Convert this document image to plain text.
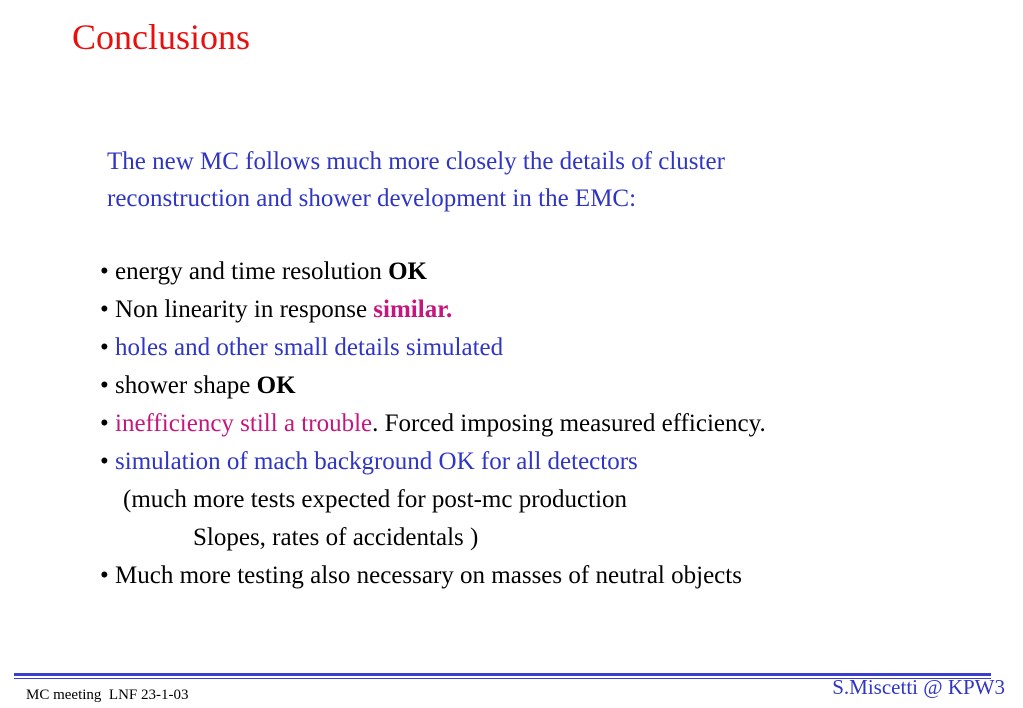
Conclusions
The new MC follows much more closely the details of cluster
reconstruction and shower development in the EMC:
• energy and time resolution OK
• Non linearity in response similar.
• holes and other small details simulated
• shower shape OK
• inefficiency still a trouble. Forced imposing measured efficiency.
• simulation of mach background OK for all detectors
(much more tests expected for post-mc production
Slopes, rates of accidentals )
• Much more testing also necessary on masses of neutral objects
MC meeting  LNF 23-1-03	S.Miscetti @ KPW3
